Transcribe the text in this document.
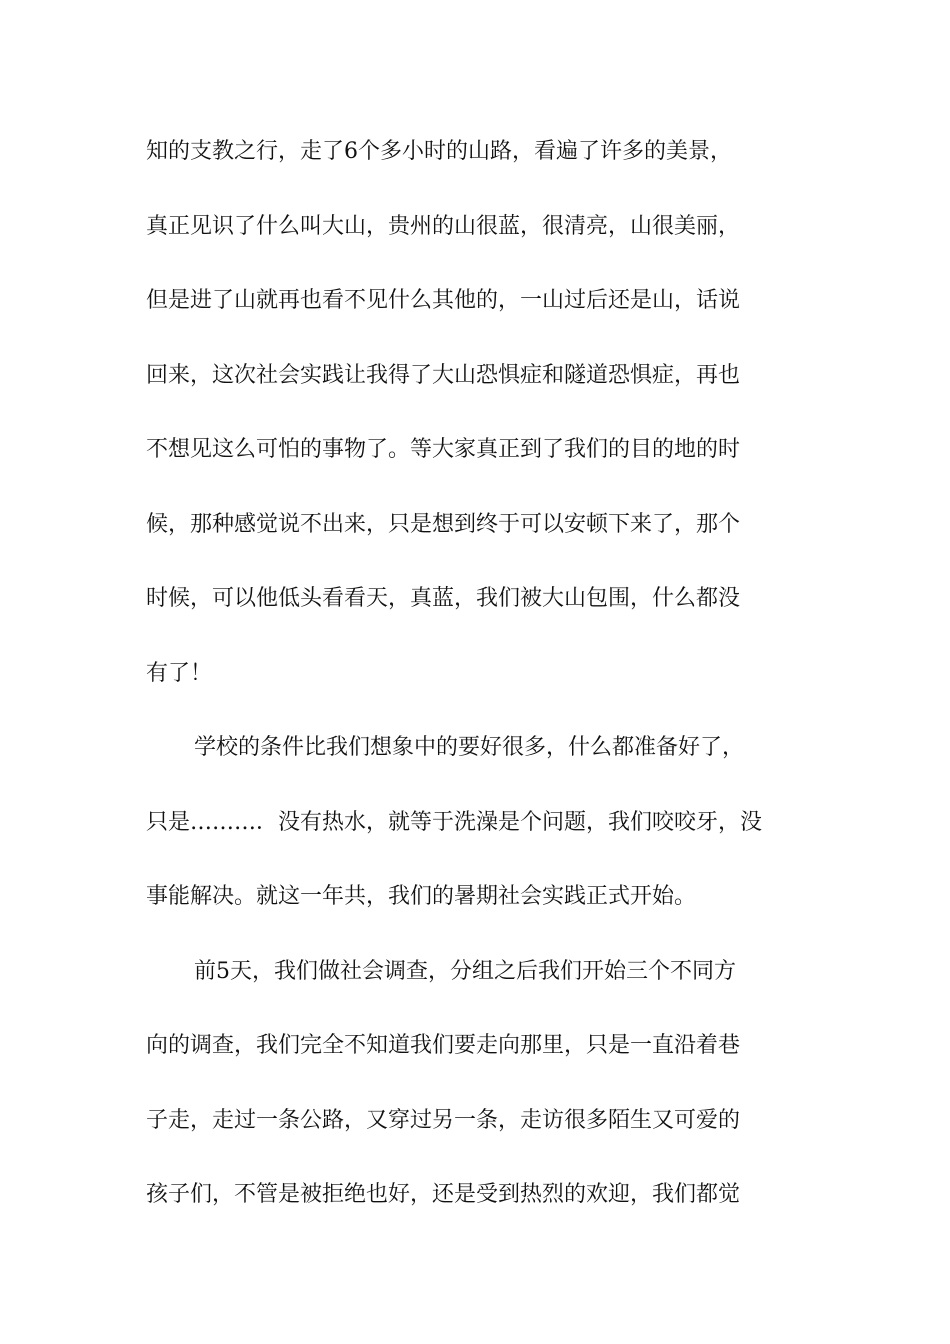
知的支教之行，走了6个多小时的山路，看遍了许多的美景，
真正见识了什么叫大山，贵州的山很蓝，很清亮，山很美丽，
但是进了山就再也看不见什么其他的，一山过后还是山，话说
回来，这次社会实践让我得了大山恐惧症和隧道恐惧症，再也
不想见这么可怕的事物了。等大家真正到了我们的目的地的时
候，那种感觉说不出来，只是想到终于可以安顿下来了，那个
时候，可以他低头看看天，真蓝，我们被大山包围，什么都没
有了！
学校的条件比我们想象中的要好很多，什么都准备好了，
只是………．没有热水，就等于洗澡是个问题，我们咬咬牙，没
事能解决。就这一年共，我们的暑期社会实践正式开始。
前5天，我们做社会调查，分组之后我们开始三个不同方
向的调查，我们完全不知道我们要走向那里，只是一直沿着巷
子走，走过一条公路，又穿过另一条，走访很多陌生又可爱的
孩子们，不管是被拒绝也好，还是受到热烈的欢迎，我们都觉
